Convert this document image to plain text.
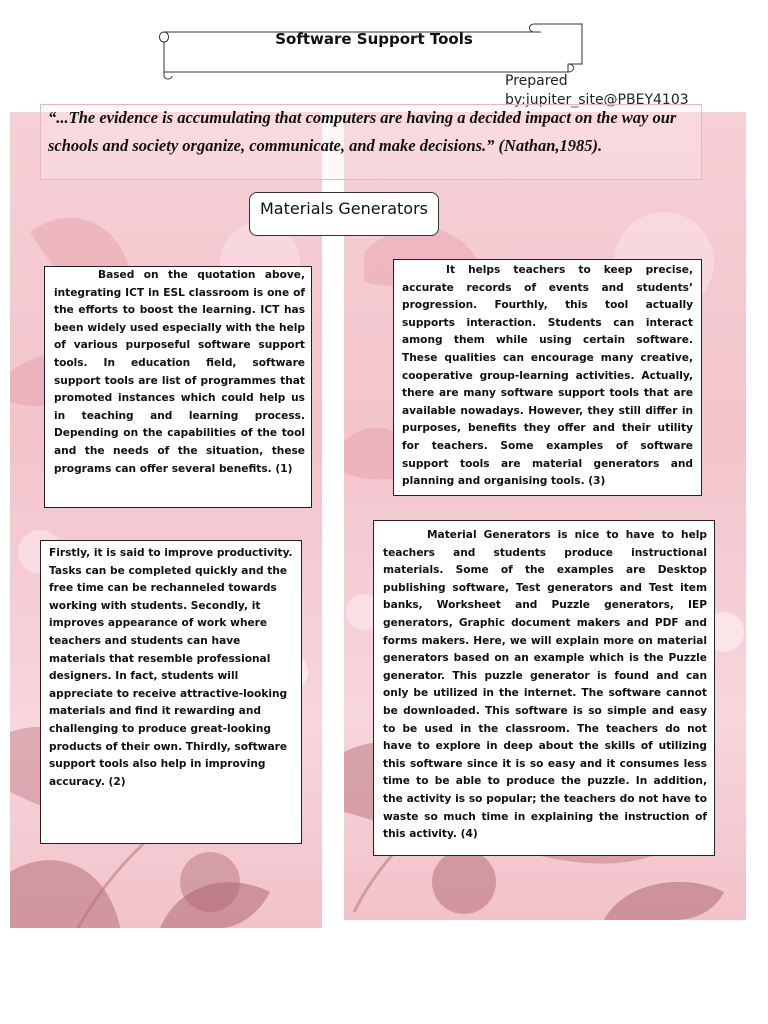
Software Support Tools
Prepared
by:jupiter_site@PBEY4103
“...The evidence is accumulating that computers are having a decided impact on the way our schools and society organize, communicate, and make decisions.” (Nathan,1985).
Materials Generators
Based on the quotation above, integrating ICT in ESL classroom is one of the efforts to boost the learning. ICT has been widely used especially with the help of various purposeful software support tools. In education field, software support tools are list of programmes that promoted instances which could help us in teaching and learning process. Depending on the capabilities of the tool and the needs of the situation, these programs can offer several benefits. (1)
It helps teachers to keep precise, accurate records of events and students’ progression. Fourthly, this tool actually supports interaction. Students can interact among them while using certain software. These qualities can encourage many creative, cooperative group-learning activities. Actually, there are many software support tools that are available nowadays. However, they still differ in purposes, benefits they offer and their utility for teachers. Some examples of software support tools are material generators and planning and organising tools. (3)
Firstly, it is said to improve productivity. Tasks can be completed quickly and the free time can be rechanneled towards working with students. Secondly, it improves appearance of work where teachers and students can have materials that resemble professional designers. In fact, students will appreciate to receive attractive-looking materials and find it rewarding and challenging to produce great-looking products of their own. Thirdly, software support tools also help in improving accuracy. (2)
Material Generators is nice to have to help teachers and students produce instructional materials. Some of the examples are Desktop publishing software, Test generators and Test item banks, Worksheet and Puzzle generators, IEP generators, Graphic document makers and PDF and forms makers. Here, we will explain more on material generators based on an example which is the Puzzle generator. This puzzle generator is found and can only be utilized in the internet. The software cannot be downloaded. This software is so simple and easy to be used in the classroom. The teachers do not have to explore in deep about the skills of utilizing this software since it is so easy and it consumes less time to be able to produce the puzzle. In addition, the activity is so popular; the teachers do not have to waste so much time in explaining the instruction of this activity. (4)
